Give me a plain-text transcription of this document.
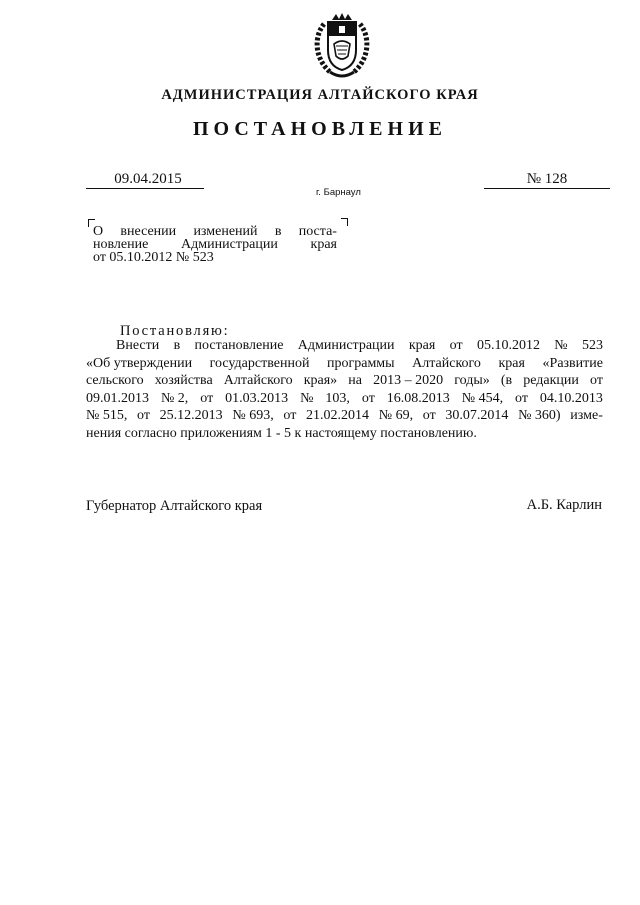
АДМИНИСТРАЦИЯ АЛТАЙСКОГО КРАЯ
ПОСТАНОВЛЕНИЕ
09.04.2015	№ 128
г. Барнаул
О внесении изменений в поста-
новление Администрации края
от 05.10.2012 № 523
Постановляю:
Внести в постановление Администрации края от 05.10.2012 № 523
«Об утверждении государственной программы Алтайского края «Развитие
сельского хозяйства Алтайского края» на 2013 – 2020 годы» (в редакции от
09.01.2013 № 2, от 01.03.2013 № 103, от 16.08.2013 № 454, от 04.10.2013
№ 515, от 25.12.2013 № 693, от 21.02.2014 № 69, от 30.07.2014 № 360) изме-
нения согласно приложениям 1 - 5 к настоящему постановлению.
Губернатор Алтайского края	А.Б. Карлин
